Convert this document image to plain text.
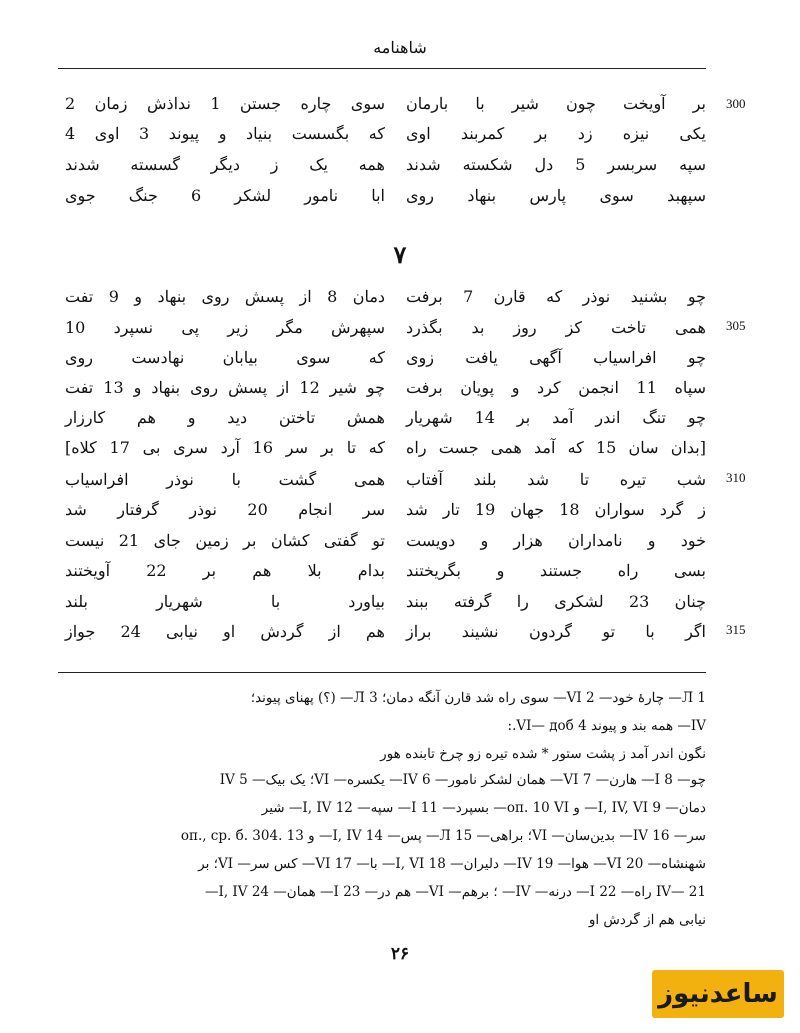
شاهنامه
300
305
310
315
بر آویخت چون شیر با بارمان
سوی چاره جستن 1 نداذش زمان 2
یکی نیزه زد بر کمربند اوی
که بگسست بنیاد و پیوند 3 اوی 4
سپه سربسر 5 دل شکسته شدند
همه یک ز دیگر گسسته شدند
سپهبد سوی پارس بنهاد روی
ابا نامور لشکر 6 جنگ جوی
۷
چو بشنید نوذر که قارن 7 برفت
دمان 8 از پسش روی بنهاد و 9 تفت
همی تاخت کز روز بد بگذرد
سپهرش مگر زیر پی نسپرد 10
چو افراسیاب آگهی یافت زوی
که سوی بیابان نهادست روی
سپاه 11 انجمن کرد و پویان برفت
چو شیر 12 از پسش روی بنهاد و 13 تفت
چو تنگ اندر آمد بر 14 شهریار
همش تاختن دید و هم کارزار
[بدان سان 15 که آمد همی جست راه
که تا بر سر 16 آرد سری بی 17 کلاه]
شب تیره تا شد بلند آفتاب
همی گشت با نوذر افراسیاب
ز گرد سواران 18 جهان 19 تار شد
سر انجام 20 نوذر گرفتار شد
خود و نامداران هزار و دویست
تو گفتی کشان بر زمین جای 21 نیست
بسی راه جستند و بگریختند
بدام بلا هم بر 22 آویختند
چنان 23 لشکری را گرفته ببند
بیاورد با شهریار بلند
اگر با تو گردون نشیند براز
هم از گردش او نیابی 24 جواز
1 Л— چارهٔ خود— 2 VI— سوی راه شد قارن آنگه دمان؛ 3 Л— (؟) پهنای پیوند؛
IV— همه بند و پیوند 4 VI— доб.:
نگون اندر آمد ز پشت ستور * شده تیره زو چرخ تابنده هور
چو— 8 I— هارن— 7 VI— همان لشکر نامور— 6 IV— یکسره— VI؛ یک بیک— IV 5
دمان— 9 I, IV, VI— و оп. 10 VI— بسپرد— 11 I— سپه— 12 I, IV— شیر
سر— 16 IV— بدین‌سان— VI؛ براهی— 15 Л— پس— 14 I, IV— و оп., ср. б. 304. 13
شهنشاه— 20 VI— هوا— 19 IV— دلیران— 18 I, VI— با— 17 VI— کس سر— VI؛ بر
IV— 21 راه— 22 I— درنه— IV— ؛ برهم— VI— هم در— 23 I— همان— 24 I, IV—
نیابی هم از گردش او
۲۶
ساعدنیوز
